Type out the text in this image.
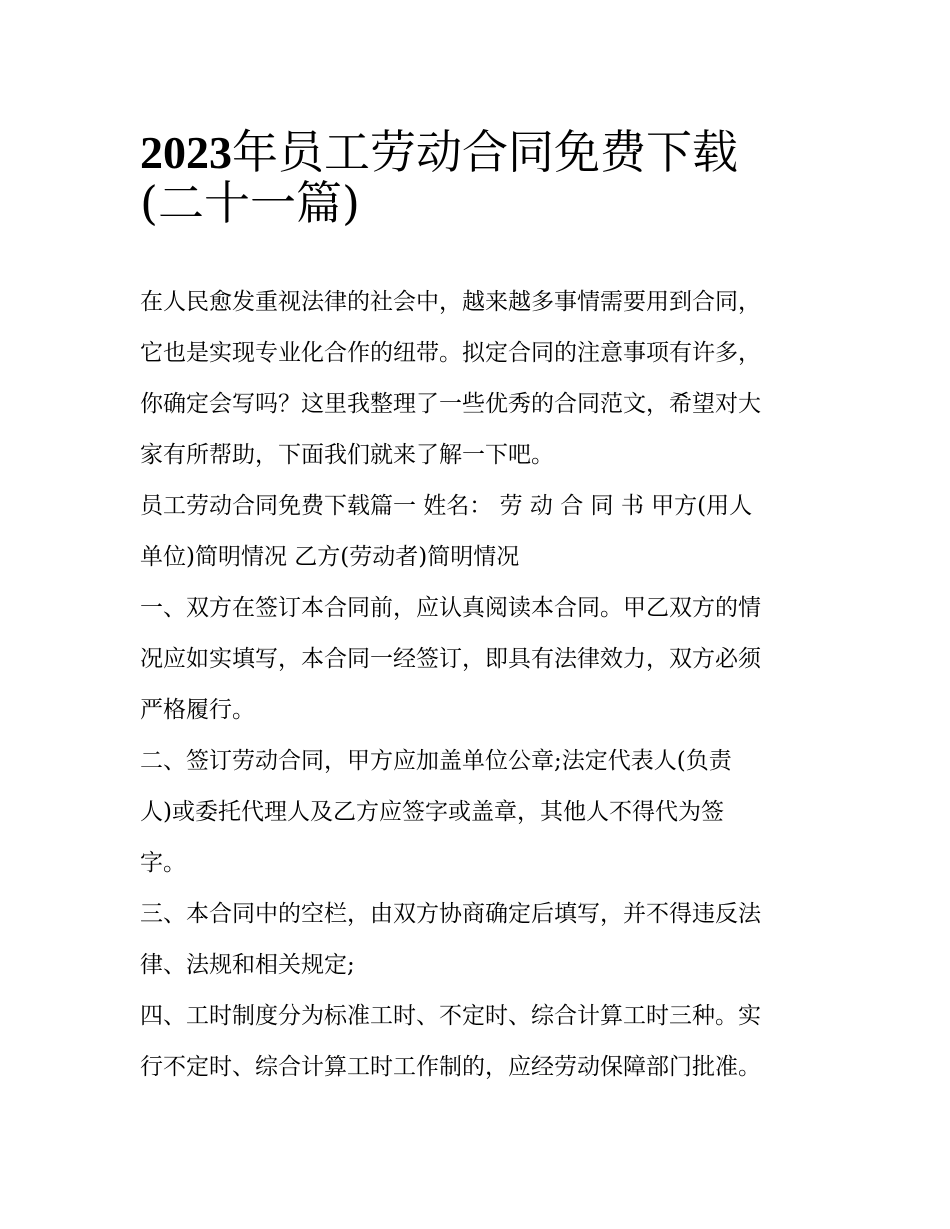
2023年员工劳动合同免费下载
(二十一篇)

在人民愈发重视法律的社会中，越来越多事情需要用到合同，
它也是实现专业化合作的纽带。拟定合同的注意事项有许多，
你确定会写吗？这里我整理了一些优秀的合同范文，希望对大
家有所帮助，下面我们就来了解一下吧。

员工劳动合同免费下载篇一 姓名： 劳 动 合 同 书 甲方(用人
单位)简明情况 乙方(劳动者)简明情况

一、双方在签订本合同前，应认真阅读本合同。甲乙双方的情
况应如实填写，本合同一经签订，即具有法律效力，双方必须
严格履行。

二、签订劳动合同，甲方应加盖单位公章;法定代表人(负责
人)或委托代理人及乙方应签字或盖章，其他人不得代为签
字。

三、本合同中的空栏，由双方协商确定后填写，并不得违反法
律、法规和相关规定;

四、工时制度分为标准工时、不定时、综合计算工时三种。实
行不定时、综合计算工时工作制的，应经劳动保障部门批准。
